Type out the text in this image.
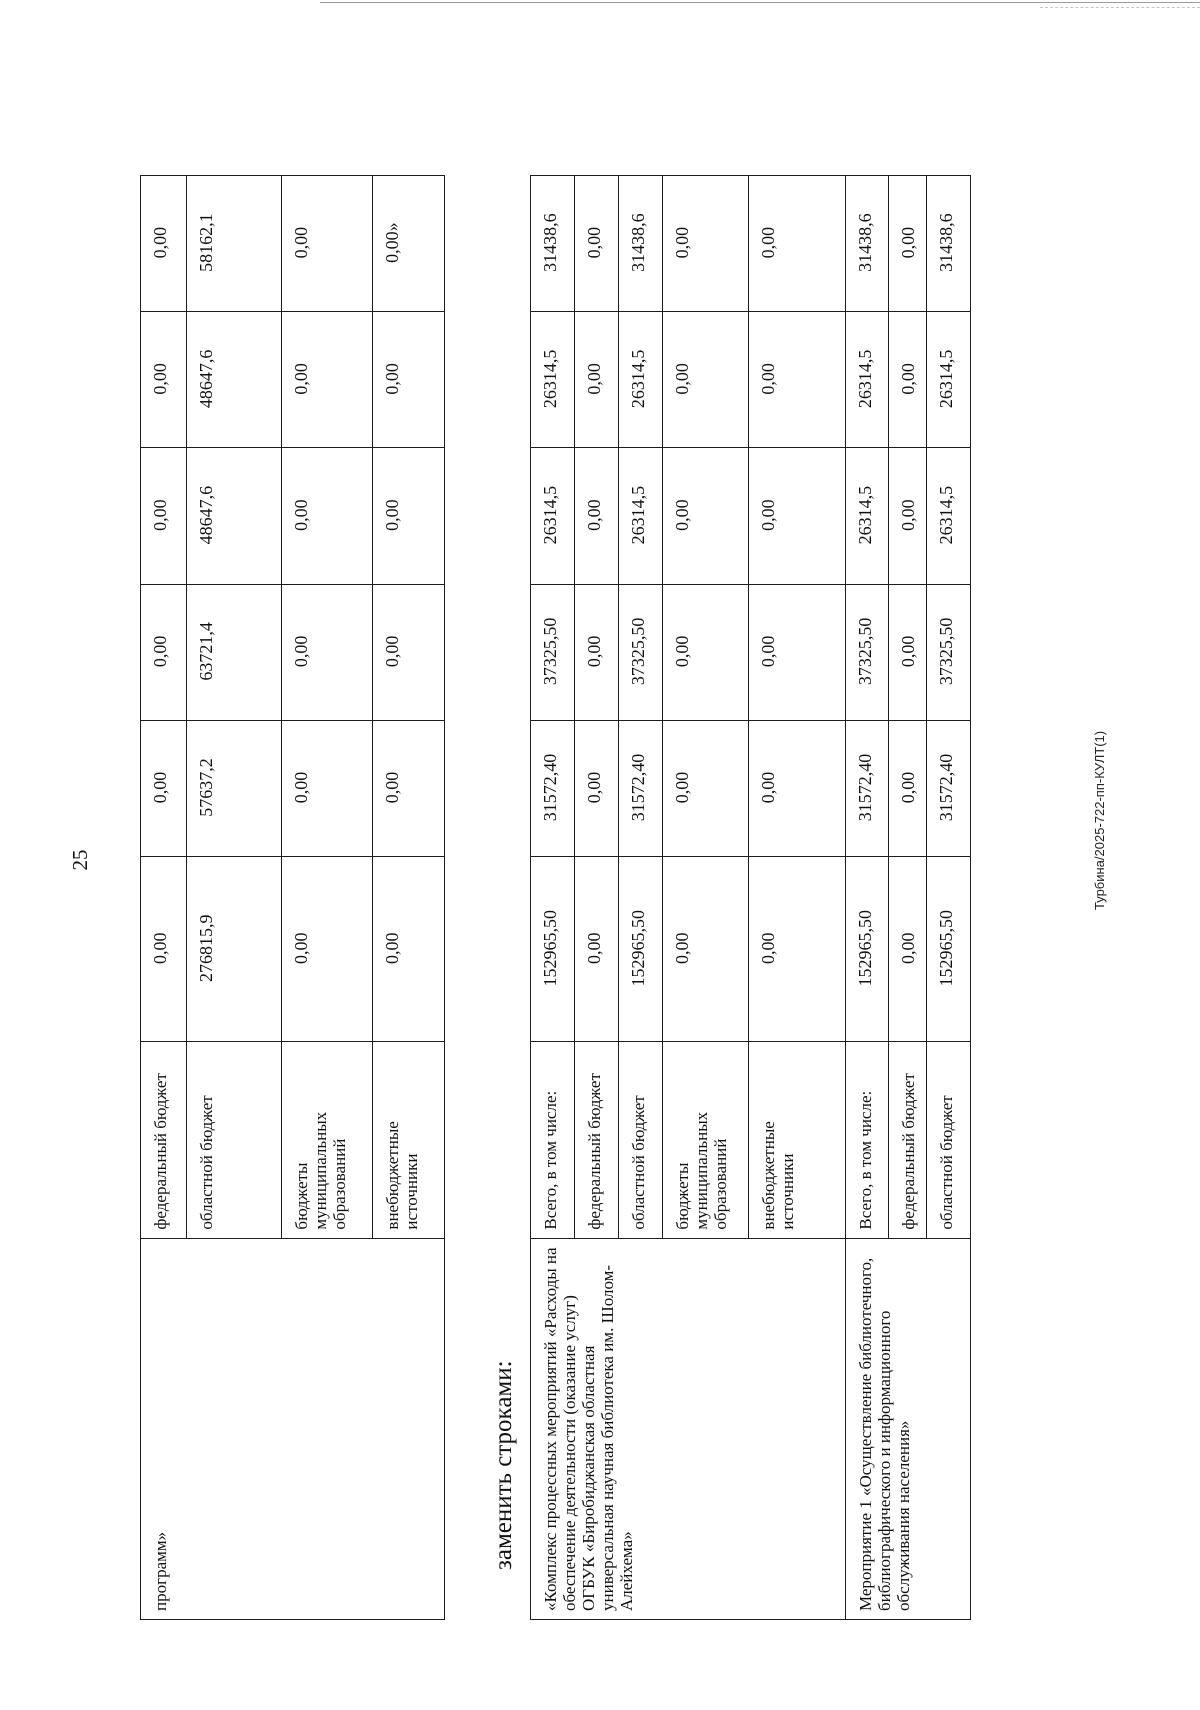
25
программ»	федеральный бюджет	0,00	0,00	0,00	0,00	0,00	0,00
	областной бюджет	276815,9	57637,2	63721,4	48647,6	48647,6	58162,1
	бюджеты муниципальных образований	0,00	0,00	0,00	0,00	0,00	0,00
	внебюджетные источники	0,00	0,00	0,00	0,00	0,00	0,00»
заменить строками: «Комплекс процессных мероприятий «Расходы на обеспечение деятельности (оказание услуг) ОГБУК «Биробиджанская областная универсальная научная библиотека им. Шолом-Алейхема»	Всего, в том числе:	152965,50	31572,40	37325,50	26314,5	26314,5	31438,6
	федеральный бюджет	0,00	0,00	0,00	0,00	0,00	0,00
	областной бюджет	152965,50	31572,40	37325,50	26314,5	26314,5	31438,6
	бюджеты муниципальных образований	0,00	0,00	0,00	0,00	0,00	0,00
	внебюджетные источники	0,00	0,00	0,00	0,00	0,00	0,00
Мероприятие 1 «Осуществление библиотечного, библиографического и информационного обслуживания населения»	Всего, в том числе:	152965,50	31572,40	37325,50	26314,5	26314,5	31438,6
	федеральный бюджет	0,00	0,00	0,00	0,00	0,00	0,00
	областной бюджет	152965,50	31572,40	37325,50	26314,5	26314,5	31438,6
Турбина/2025-722-пп-КУЛТ(1)
